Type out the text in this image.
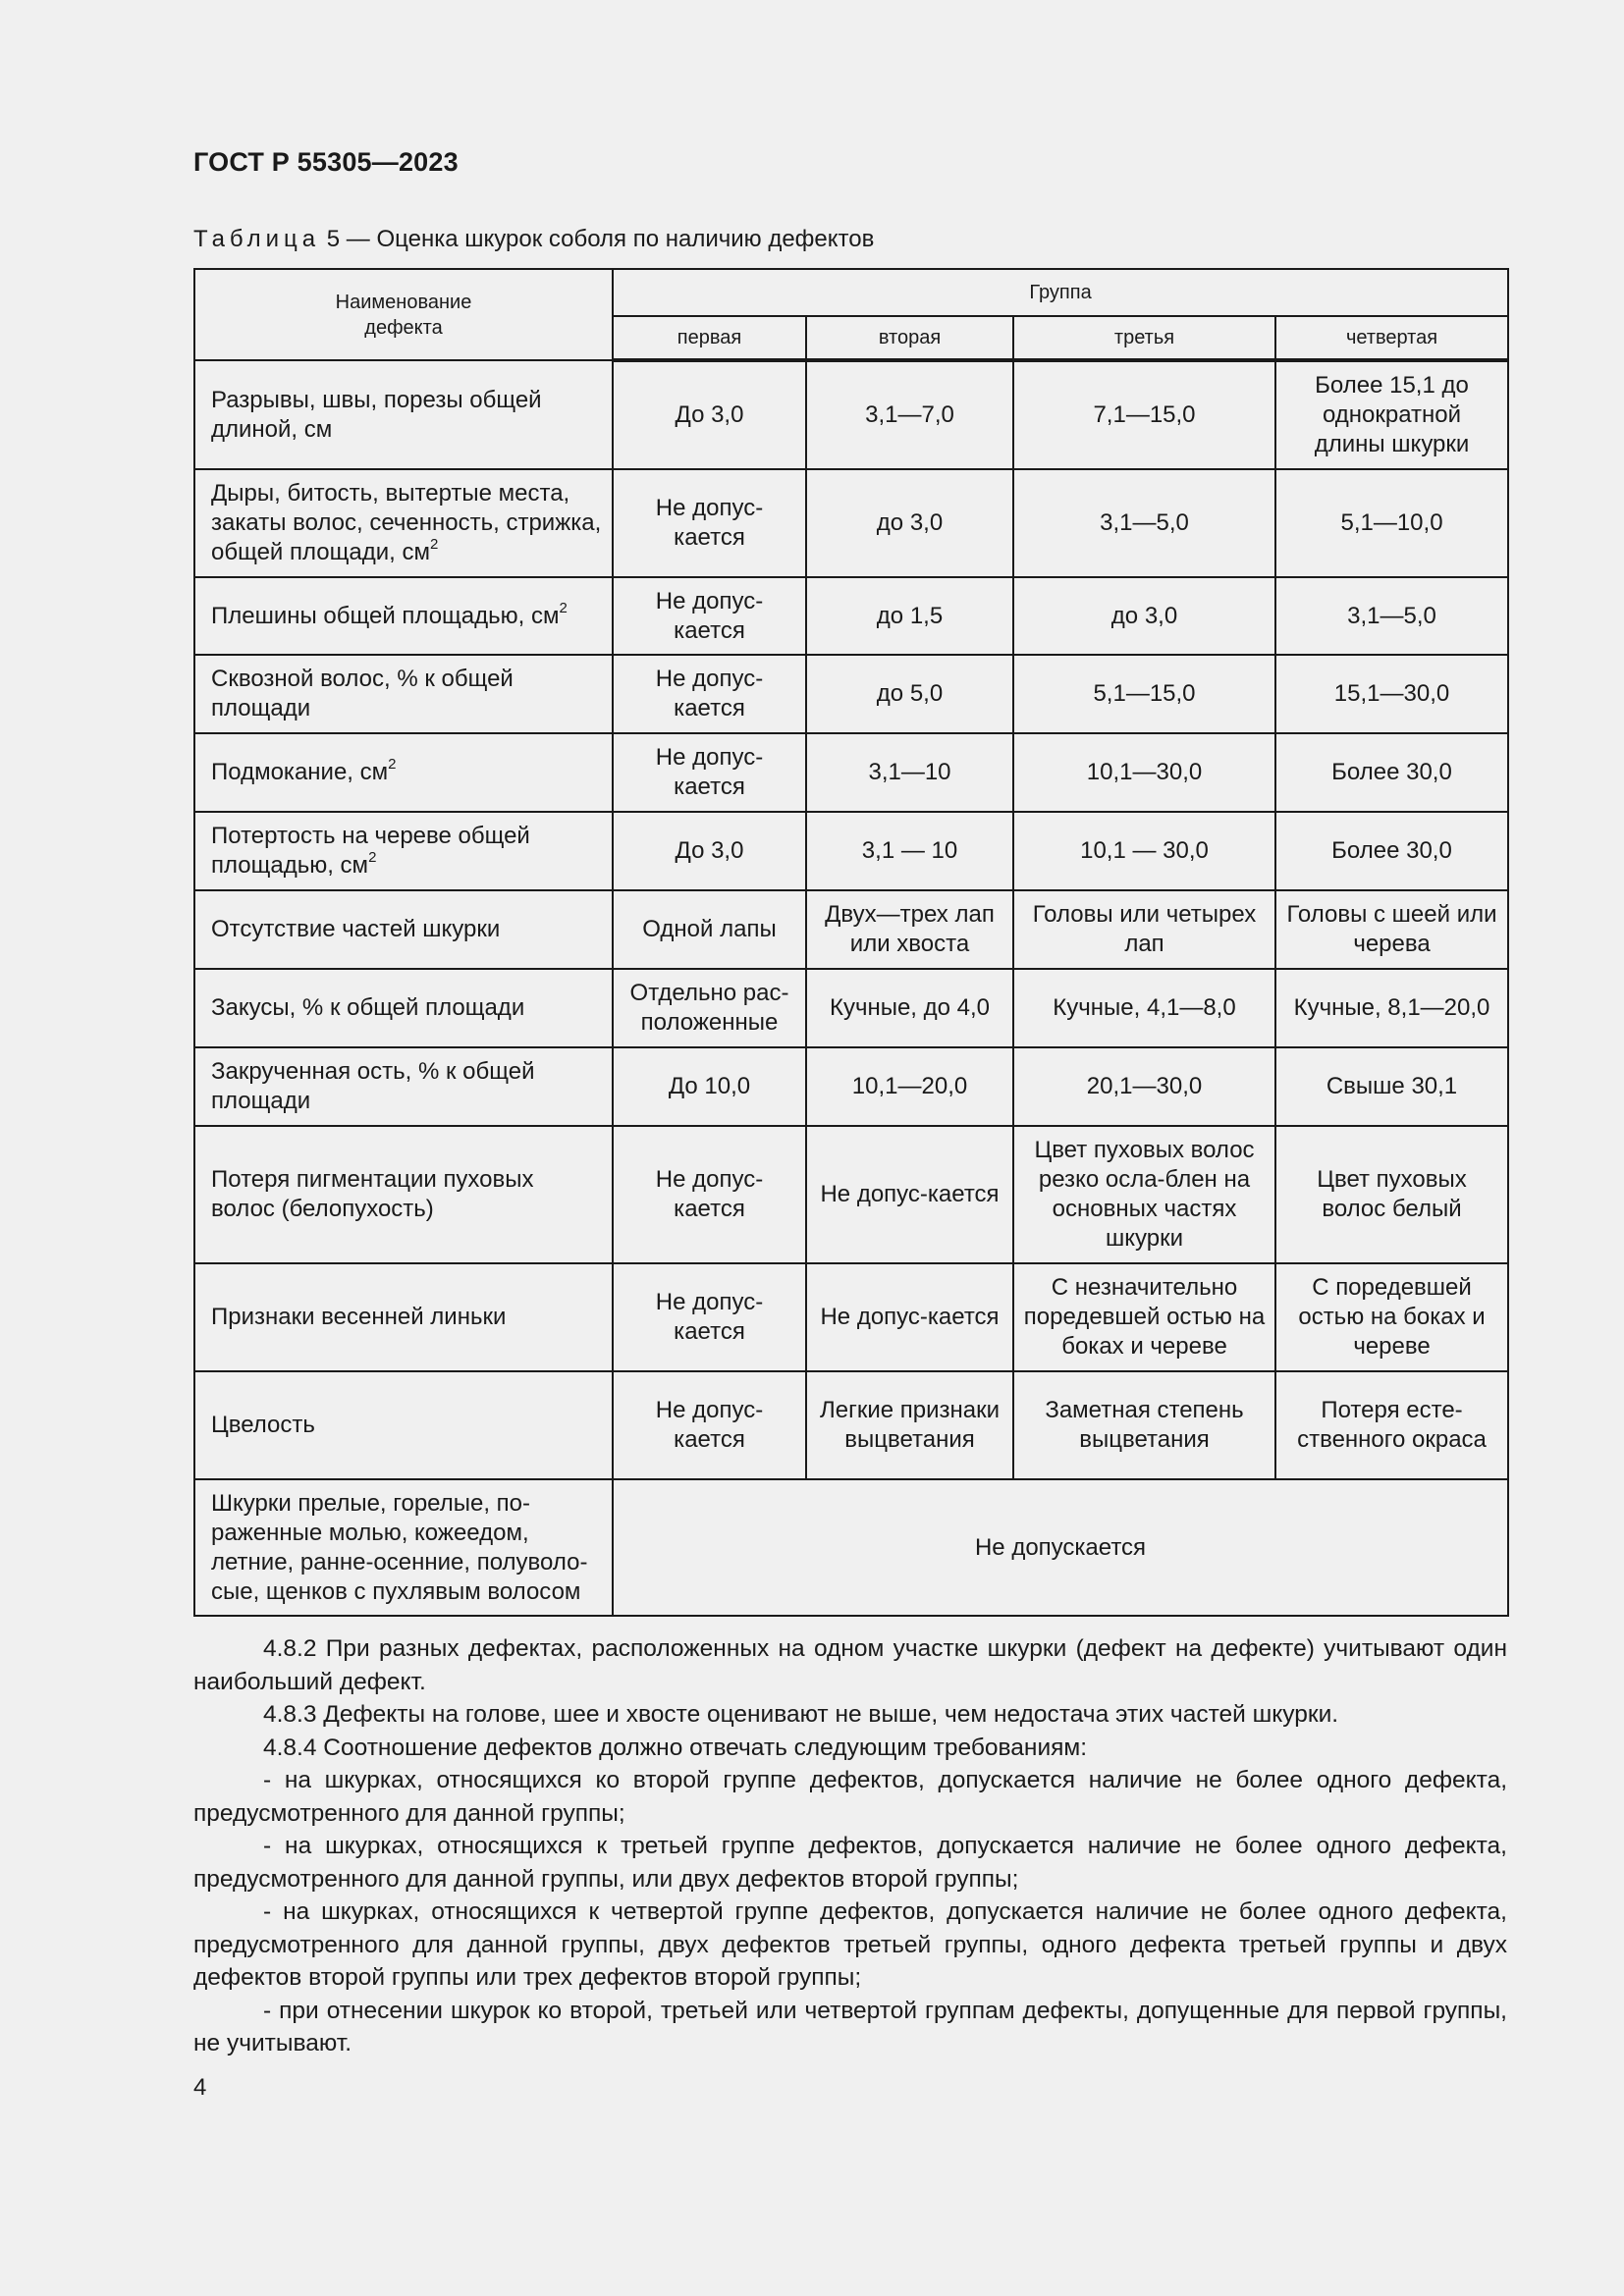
ГОСТ Р 55305—2023
Таблица 5 — Оценка шкурок соболя по наличию дефектов
Наименование
дефекта	Группа			
	первая	вторая	третья	четвертая
Разрывы, швы, порезы общей длиной, см	До 3,0	3,1—7,0	7,1—15,0	Более 15,1 до однократной длины шкурки
Дыры, битость, вытертые места, закаты волос, сеченность, стрижка, общей площади, $см^2$	Не допус-кается	до 3,0	3,1—5,0	5,1—10,0
Плешины общей площадью, $см^2$	Не допус-кается	до 1,5	до 3,0	3,1—5,0
Сквозной волос, % к общей площади	Не допус-кается	до 5,0	5,1—15,0	15,1—30,0
Подмокание, $см^2$	Не допус-кается	3,1—10	10,1—30,0	Более 30,0
Потертость на череве общей площадью, $см^2$	До 3,0	3,1 — 10	10,1 — 30,0	Более 30,0
Отсутствие частей шкурки	Одной лапы	Двух—трех лап или хвоста	Головы или четырех лап	Головы с шеей или черева
Закусы, % к общей площади	Отдельно рас-положенные	Кучные, до 4,0	Кучные, 4,1—8,0	Кучные, 8,1—20,0
Закрученная ость, % к общей площади	До 10,0	10,1—20,0	20,1—30,0	Свыше 30,1
Потеря пигментации пуховых волос (белопухость)	Не допус-кается	Не допус-кается	Цвет пуховых волос резко осла-блен на основных частях шкурки	Цвет пуховых волос белый
Признаки весенней линьки	Не допус-кается	Не допус-кается	С незначительно поредевшей остью на боках и череве	С поредевшей остью на боках и череве
Цвелость	Не допус-кается	Легкие признаки выцветания	Заметная степень выцветания	Потеря есте-ственного окраса
Шкурки прелые, горелые, по-раженные молью, кожеедом, летние, ранне-осенние, полуволо-сые, щенков с пухлявым волосом	Не допускается			

4.8.2 При разных дефектах, расположенных на одном участке шкурки (дефект на дефекте) учитывают один наибольший дефект.

4.8.3 Дефекты на голове, шее и хвосте оценивают не выше, чем недостача этих частей шкурки.

4.8.4 Соотношение дефектов должно отвечать следующим требованиям:

- на шкурках, относящихся ко второй группе дефектов, допускается наличие не более одного дефекта, предусмотренного для данной группы;

- на шкурках, относящихся к третьей группе дефектов, допускается наличие не более одного дефекта, предусмотренного для данной группы, или двух дефектов второй группы;

- на шкурках, относящихся к четвертой группе дефектов, допускается наличие не более одного дефекта, предусмотренного для данной группы, двух дефектов третьей группы, одного дефекта третьей группы и двух дефектов второй группы или трех дефектов второй группы;

- при отнесении шкурок ко второй, третьей или четвертой группам дефекты, допущенные для первой группы, не учитывают.

4
